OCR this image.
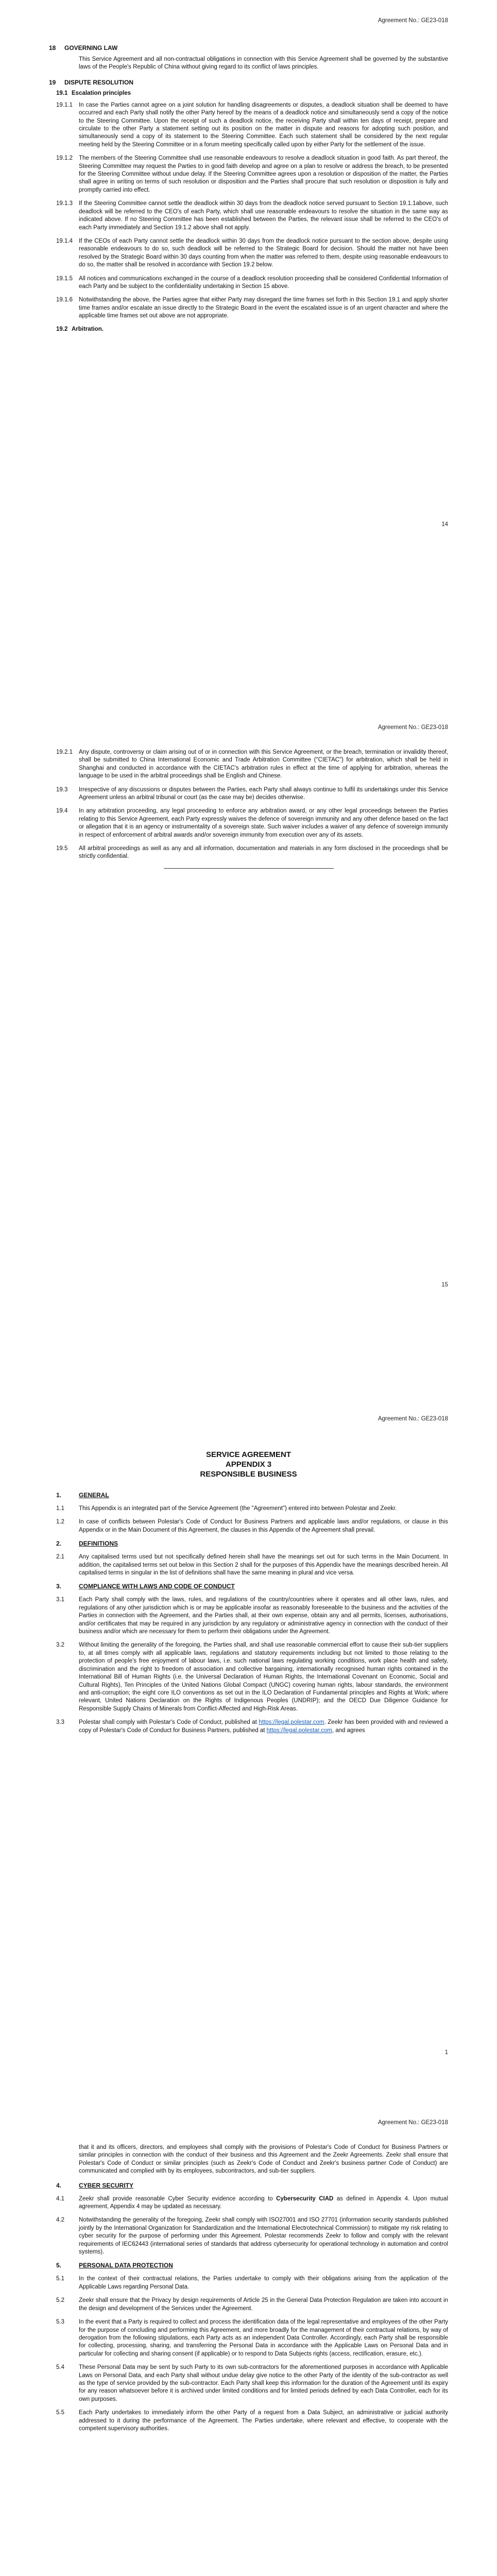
Agreement No.: GE23-018
18	GOVERNING LAW
This Service Agreement and all non-contractual obligations in connection with this Service Agreement shall be governed by the substantive laws of the People's Republic of China without giving regard to its conflict of laws principles.
19	DISPUTE RESOLUTION
19.1 Escalation principles
19.1.1	In case the Parties cannot agree on a joint solution for handling disagreements or disputes, a deadlock situation shall be deemed to have occurred and each Party shall notify the other Party hereof by the means of a deadlock notice and simultaneously send a copy of the notice to the Steering Committee. Upon the receipt of such a deadlock notice, the receiving Party shall within ten days of receipt, prepare and circulate to the other Party a statement setting out its position on the matter in dispute and reasons for adopting such position, and simultaneously send a copy of its statement to the Steering Committee. Each such statement shall be considered by the next regular meeting held by the Steering Committee or in a forum meeting specifically called upon by either Party for the settlement of the issue.
19.1.2	The members of the Steering Committee shall use reasonable endeavours to resolve a deadlock situation in good faith. As part thereof, the Steering Committee may request the Parties to in good faith develop and agree on a plan to resolve or address the breach, to be presented for the Steering Committee without undue delay. If the Steering Committee agrees upon a resolution or disposition of the matter, the Parties shall agree in writing on terms of such resolution or disposition and the Parties shall procure that such resolution or disposition is fully and promptly carried into effect.
19.1.3	If the Steering Committee cannot settle the deadlock within 30 days from the deadlock notice served pursuant to Section 19.1.1above, such deadlock will be referred to the CEO's of each Party, which shall use reasonable endeavours to resolve the situation in the same way as indicated above. If no Steering Committee has been established between the Parties, the relevant issue shall be referred to the CEO's of each Party immediately and Section 19.1.2 above shall not apply.
19.1.4	If the CEOs of each Party cannot settle the deadlock within 30 days from the deadlock notice pursuant to the section above, despite using reasonable endeavours to do so, such deadlock will be referred to the Strategic Board for decision. Should the matter not have been resolved by the Strategic Board within 30 days counting from when the matter was referred to them, despite using reasonable endeavours to do so, the matter shall be resolved in accordance with Section 19.2 below.
19.1.5	All notices and communications exchanged in the course of a deadlock resolution proceeding shall be considered Confidential Information of each Party and be subject to the confidentiality undertaking in Section 15 above.
19.1.6	Notwithstanding the above, the Parties agree that either Party may disregard the time frames set forth in this Section 19.1 and apply shorter time frames and/or escalate an issue directly to the Strategic Board in the event the escalated issue is of an urgent character and where the applicable time frames set out above are not appropriate.
19.2 Arbitration .
14
Agreement No.: GE23-018
19.2.1	Any dispute, controversy or claim arising out of or in connection with this Service Agreement, or the breach, termination or invalidity thereof, shall be submitted to China International Economic and Trade Arbitration Committee ("CIETAC") for arbitration, which shall be held in Shanghai and conducted in accordance with the CIETAC's arbitration rules in effect at the time of applying for arbitration, whereas the language to be used in the arbitral proceedings shall be English and Chinese.
19.3	Irrespective of any discussions or disputes between the Parties, each Party shall always continue to fulfil its undertakings under this Service Agreement unless an arbitral tribunal or court (as the case may be) decides otherwise.
19.4	In any arbitration proceeding, any legal proceeding to enforce any arbitration award, or any other legal proceedings between the Parties relating to this Service Agreement, each Party expressly waives the defence of sovereign immunity and any other defence based on the fact or allegation that it is an agency or instrumentality of a sovereign state. Such waiver includes a waiver of any defence of sovereign immunity in respect of enforcement of arbitral awards and/or sovereign immunity from execution over any of its assets.
19.5	All arbitral proceedings as well as any and all information, documentation and materials in any form disclosed in the proceedings shall be strictly confidential.
15
Agreement No.: GE23-018
SERVICE AGREEMENT
APPENDIX 3
RESPONSIBLE BUSINESS
1.	GENERAL
1.1	This Appendix is an integrated part of the Service Agreement (the "Agreement") entered into between Polestar and Zeekr.
1.2	In case of conflicts between Polestar's Code of Conduct for Business Partners and applicable laws and/or regulations, or clause in this Appendix or in the Main Document of this Agreement, the clauses in this Appendix of the Agreement shall prevail.
2.	DEFINITIONS
2.1	Any capitalised terms used but not specifically defined herein shall have the meanings set out for such terms in the Main Document. In addition, the capitalised terms set out below in this Section 2 shall for the purposes of this Appendix have the meanings described herein. All capitalised terms in singular in the list of definitions shall have the same meaning in plural and vice versa.
3.	COMPLIANCE WITH LAWS AND CODE OF CONDUCT
3.1	Each Party shall comply with the laws, rules, and regulations of the country/countries where it operates and all other laws, rules, and regulations of any other jurisdiction which is or may be applicable insofar as reasonably foreseeable to the business and the activities of the Parties in connection with the Agreement, and the Parties shall, at their own expense, obtain any and all permits, licenses, authorisations, and/or certificates that may be required in any jurisdiction by any regulatory or administrative agency in connection with the conduct of their business and/or which are necessary for them to perform their obligations under the Agreement.
3.2	Without limiting the generality of the foregoing, the Parties shall, and shall use reasonable commercial effort to cause their sub-tier suppliers to, at all times comply with all applicable laws, regulations and statutory requirements including but not limited to those relating to the protection of people's free enjoyment of labour laws, i.e. such national laws regulating working conditions, work place health and safety, discrimination and the right to freedom of association and collective bargaining, internationally recognised human rights contained in the International Bill of Human Rights (i.e. the Universal Declaration of Human Rights, the International Covenant on Economic, Social and Cultural Rights), Ten Principles of the United Nations Global Compact (UNGC) covering human rights, labour standards, the environment and anti-corruption; the eight core ILO conventions as set out in the ILO Declaration of Fundamental principles and Rights at Work; where relevant, United Nations Declaration on the Rights of Indigenous Peoples (UNDRIP); and the OECD Due Diligence Guidance for Responsible Supply Chains of Minerals from Conflict-Affected and High-Risk Areas.
3.3	Polestar shall comply with Polestar's Code of Conduct, published at https://legal.polestar.com. Zeekr has been provided with and reviewed a copy of Polestar's Code of Conduct for Business Partners, published at https://legal.polestar.com, and agrees
1
Agreement No.: GE23-018
that it and its officers, directors, and employees shall comply with the provisions of Polestar's Code of Conduct for Business Partners or similar principles in connection with the conduct of their business and this Agreement and the Zeekr Agreements. Zeekr shall ensure that Polestar's Code of Conduct or similar principles (such as Zeekr's Code of Conduct and Zeekr's business partner Code of Conduct) are communicated and complied with by its employees, subcontractors, and sub-tier suppliers.
4.	CYBER SECURITY
4.1	Zeekr shall provide reasonable Cyber Security evidence according to Cybersecurity CIAD as defined in Appendix 4. Upon mutual agreement, Appendix 4 may be updated as necessary.
4.2	Notwithstanding the generality of the foregoing, Zeekr shall comply with ISO27001 and ISO 27701 (information security standards published jointly by the International Organization for Standardization and the International Electrotechnical Commission) to mitigate my risk relating to cyber security for the purpose of performing under this Agreement. Polestar recommends Zeekr to follow and comply with the relevant requirements of IEC62443 (international series of standards that address cybersecurity for operational technology in automation and control systems).
5.	PERSONAL DATA PROTECTION
5.1	In the context of their contractual relations, the Parties undertake to comply with their obligations arising from the application of the Applicable Laws regarding Personal Data.
5.2	Zeekr shall ensure that the Privacy by design requirements of Article 25 in the General Data Protection Regulation are taken into account in the design and development of the Services under the Agreement.
5.3	In the event that a Party is required to collect and process the identification data of the legal representative and employees of the other Party for the purpose of concluding and performing this Agreement, and more broadly for the management of their contractual relations, by way of derogation from the following stipulations, each Party acts as an independent Data Controller. Accordingly, each Party shall be responsible for collecting, processing, sharing, and transferring the Personal Data in accordance with the Applicable Laws on Personal Data and in particular for collecting and sharing consent (if applicable) or to respond to Data Subjects rights (access, rectification, erasure, etc.).
5.4	These Personal Data may be sent by such Party to its own sub-contractors for the aforementioned purposes in accordance with Applicable Laws on Personal Data, and each Party shall without undue delay give notice to the other Party of the identity of the sub-contractor as well as the type of service provided by the sub-contractor. Each Party shall keep this information for the duration of the Agreement until its expiry for any reason whatsoever before it is archived under limited conditions and for limited periods defined by each Data Controller, each for its own purposes.
5.5	Each Party undertakes to immediately inform the other Party of a request from a Data Subject, an administrative or judicial authority addressed to it during the performance of the Agreement. The Parties undertake, where relevant and effective, to cooperate with the competent supervisory authorities.
